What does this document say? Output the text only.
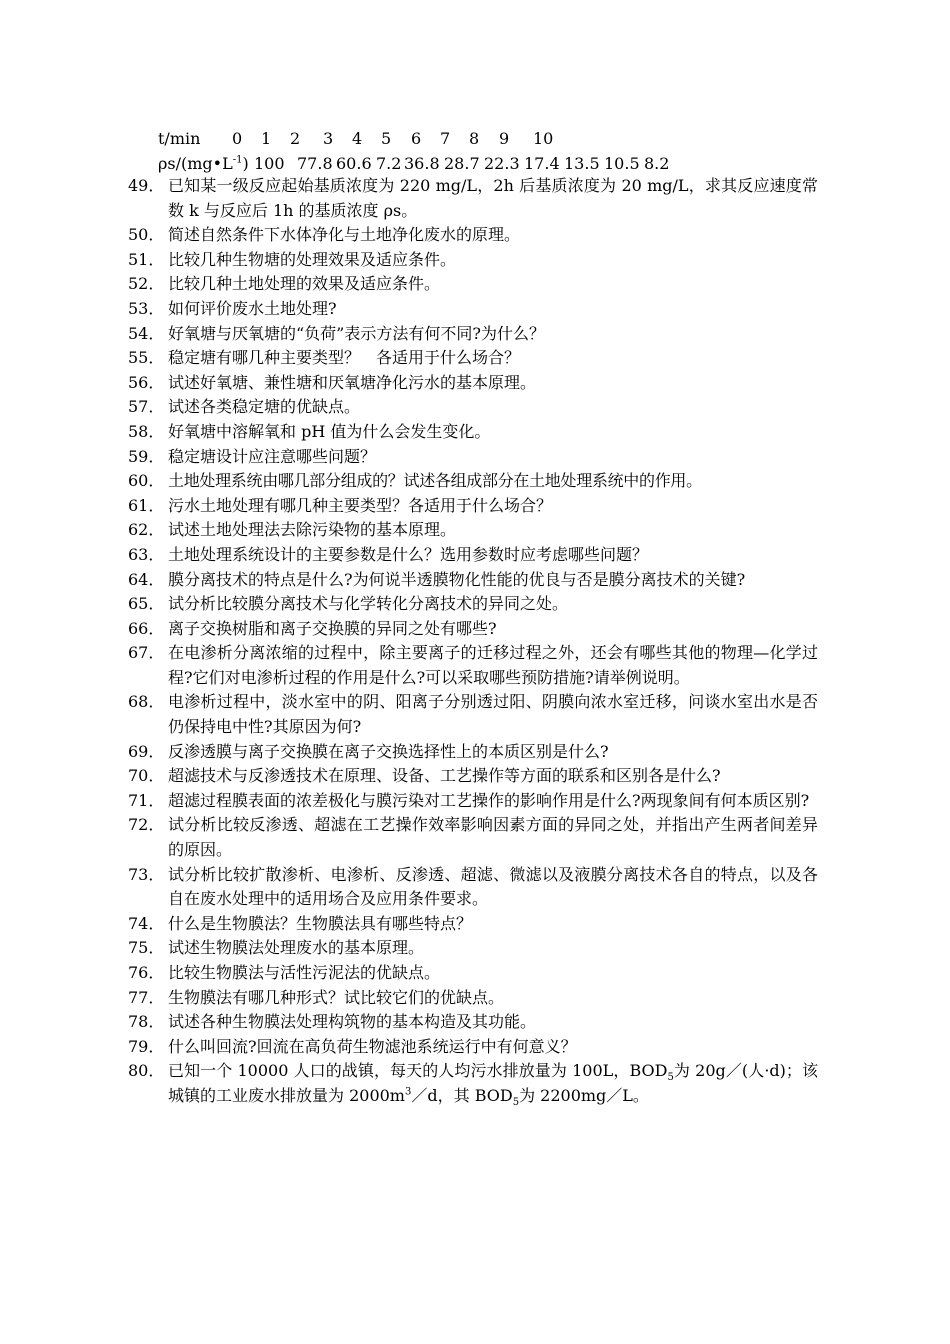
t/min 0 1 2 3 4 5 6 7 8 9 10
$\rho s/(mg•L^{-1})$ 100 77.8 60.6 7.2 36.8 28.7 22.3 17.4 13.5 10.5 8.2
49． 已知某一级反应起始基质浓度为 220 mg/L，2h 后基质浓度为 20 mg/L，求其反应速度常数 k 与反应后 1h 的基质浓度 ρs。
50． 简述自然条件下水体净化与土地净化废水的原理。
51． 比较几种生物塘的处理效果及适应条件。
52． 比较几种土地处理的效果及适应条件。
53． 如何评价废水土地处理?
54． 好氧塘与厌氧塘的“负荷”表示方法有何不同?为什么？
55． 稳定塘有哪几种主要类型？　各适用于什么场合？
56． 试述好氧塘、兼性塘和厌氧塘净化污水的基本原理。
57． 试述各类稳定塘的优缺点。
58． 好氧塘中溶解氧和 pH 值为什么会发生变化。
59． 稳定塘设计应注意哪些问题？
60． 土地处理系统由哪几部分组成的？试述各组成部分在土地处理系统中的作用。
61． 污水土地处理有哪几种主要类型？各适用于什么场合？
62． 试述土地处理法去除污染物的基本原理。
63． 土地处理系统设计的主要参数是什么？选用参数时应考虑哪些问题？
64． 膜分离技术的特点是什么?为何说半透膜物化性能的优良与否是膜分离技术的关键?
65． 试分析比较膜分离技术与化学转化分离技术的异同之处。
66． 离子交换树脂和离子交换膜的异同之处有哪些?
67． 在电渗析分离浓缩的过程中，除主要离子的迁移过程之外，还会有哪些其他的物理—化学过程?它们对电渗析过程的作用是什么?可以采取哪些预防措施?请举例说明。
68． 电渗析过程中，淡水室中的阴、阳离子分别透过阳、阴膜向浓水室迁移，问谈水室出水是否仍保持电中性?其原因为何?
69． 反渗透膜与离子交换膜在离子交换选择性上的本质区别是什么?
70． 超滤技术与反渗透技术在原理、设备、工艺操作等方面的联系和区别各是什么?
71． 超滤过程膜表面的浓差极化与膜污染对工艺操作的影响作用是什么?两现象间有何本质区别?
72． 试分析比较反渗透、超滤在工艺操作效率影响因素方面的异同之处，并指出产生两者间差异的原因。
73． 试分析比较扩散渗析、电渗析、反渗透、超滤、微滤以及液膜分离技术各自的特点，以及各自在废水处理中的适用场合及应用条件要求。
74． 什么是生物膜法？生物膜法具有哪些特点？
75． 试述生物膜法处理废水的基本原理。
76． 比较生物膜法与活性污泥法的优缺点。
77． 生物膜法有哪几种形式？试比较它们的优缺点。
78． 试述各种生物膜法处理构筑物的基本构造及其功能。
79． 什么叫回流?回流在高负荷生物滤池系统运行中有何意义？
80． 已知一个 10000 人口的战镇，每天的人均污水排放量为 100L，$BOD_5$为 20g／(人·d)；该城镇的工业废水排放量为 $2000m^3/d$，其 $BOD_5$为 2200mg／L。
